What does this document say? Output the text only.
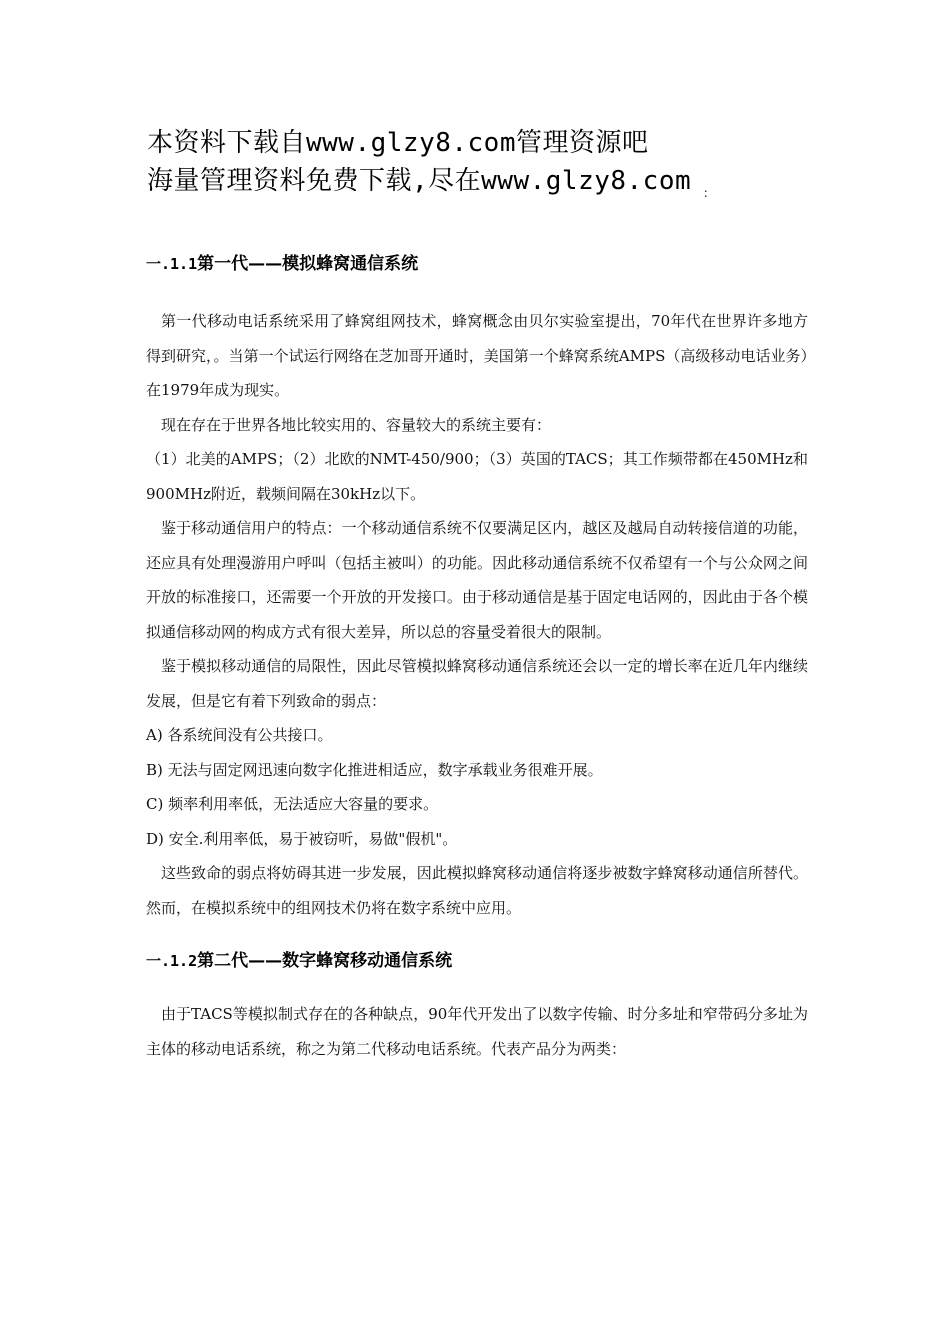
本资料下载自www.glzy8.com管理资源吧
海量管理资料免费下载,尽在www.glzy8.com ：
一.1.1第一代——模拟蜂窝通信系统

第一代移动电话系统采用了蜂窝组网技术，蜂窝概念由贝尔实验室提出，70年代在世界许多地方得到研究，。当第一个试运行网络在芝加哥开通时，美国第一个蜂窝系统AMPS（高级移动电话业务）在1979年成为现实。

现在存在于世界各地比较实用的、容量较大的系统主要有：

（1）北美的AMPS；（2）北欧的NMT-450/900；（3）英国的TACS；其工作频带都在450MHz和900MHz附近，载频间隔在30kHz以下。

鉴于移动通信用户的特点：一个移动通信系统不仅要满足区内，越区及越局自动转接信道的功能，还应具有处理漫游用户呼叫（包括主被叫）的功能。因此移动通信系统不仅希望有一个与公众网之间开放的标准接口，还需要一个开放的开发接口。由于移动通信是基于固定电话网的，因此由于各个模拟通信移动网的构成方式有很大差异，所以总的容量受着很大的限制。

鉴于模拟移动通信的局限性，因此尽管模拟蜂窝移动通信系统还会以一定的增长率在近几年内继续发展，但是它有着下列致命的弱点：

A) 各系统间没有公共接口。

B) 无法与固定网迅速向数字化推进相适应，数字承载业务很难开展。

C) 频率利用率低，无法适应大容量的要求。

D) 安全.利用率低，易于被窃听，易做"假机"。

这些致命的弱点将妨碍其进一步发展，因此模拟蜂窝移动通信将逐步被数字蜂窝移动通信所替代。然而，在模拟系统中的组网技术仍将在数字系统中应用。

一.1.2第二代——数字蜂窝移动通信系统

由于TACS等模拟制式存在的各种缺点，90年代开发出了以数字传输、时分多址和窄带码分多址为主体的移动电话系统，称之为第二代移动电话系统。代表产品分为两类：
